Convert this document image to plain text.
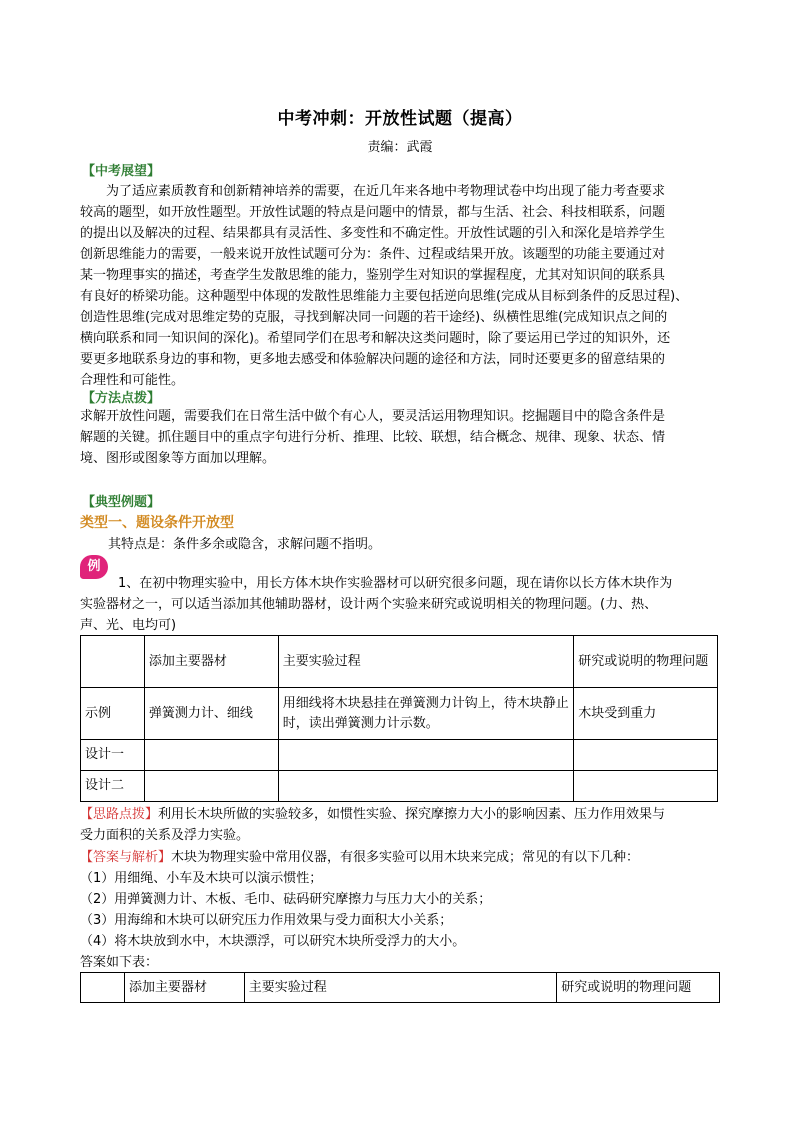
中考冲刺：开放性试题（提高）
责编：武霞
【中考展望】
为了适应素质教育和创新精神培养的需要，在近几年来各地中考物理试卷中均出现了能力考查要求
较高的题型，如开放性题型。开放性试题的特点是问题中的情景，都与生活、社会、科技相联系，问题
的提出以及解决的过程、结果都具有灵活性、多变性和不确定性。开放性试题的引入和深化是培养学生
创新思维能力的需要，一般来说开放性试题可分为：条件、过程或结果开放。该题型的功能主要通过对
某一物理事实的描述，考查学生发散思维的能力，鉴别学生对知识的掌握程度，尤其对知识间的联系具
有良好的桥梁功能。这种题型中体现的发散性思维能力主要包括逆向思维(完成从目标到条件的反思过程)、
创造性思维(完成对思维定势的克服，寻找到解决同一问题的若干途经)、纵横性思维(完成知识点之间的
横向联系和同一知识间的深化)。希望同学们在思考和解决这类问题时，除了要运用已学过的知识外，还
要更多地联系身边的事和物，更多地去感受和体验解决问题的途径和方法，同时还要更多的留意结果的
合理性和可能性。
【方法点拨】
求解开放性问题，需要我们在日常生活中做个有心人，要灵活运用物理知识。挖掘题目中的隐含条件是
解题的关键。抓住题目中的重点字句进行分析、推理、比较、联想，结合概念、规律、现象、状态、情
境、图形或图象等方面加以理解。
【典型例题】
类型一、题设条件开放型
其特点是：条件多余或隐含，求解问题不指明。
例
1、在初中物理实验中，用长方体木块作实验器材可以研究很多问题，现在请你以长方体木块作为
实验器材之一，可以适当添加其他辅助器材，设计两个实验来研究或说明相关的物理问题。(力、热、
声、光、电均可)
	添加主要器材	主要实验过程	研究或说明的物理问题
示例	弹簧测力计、细线	用细线将木块悬挂在弹簧测力计钩上，待木块静止时，读出弹簧测力计示数。	木块受到重力
设计一			
设计二			
【思路点拨】利用长木块所做的实验较多，如惯性实验、探究摩擦力大小的影响因素、压力作用效果与
受力面积的关系及浮力实验。
【答案与解析】木块为物理实验中常用仪器，有很多实验可以用木块来完成；常见的有以下几种：
（1）用细绳、小车及木块可以演示惯性；
（2）用弹簧测力计、木板、毛巾、砝码研究摩擦力与压力大小的关系；
（3）用海绵和木块可以研究压力作用效果与受力面积大小关系；
（4）将木块放到水中，木块漂浮，可以研究木块所受浮力的大小。
答案如下表：
	添加主要器材	主要实验过程	研究或说明的物理问题
